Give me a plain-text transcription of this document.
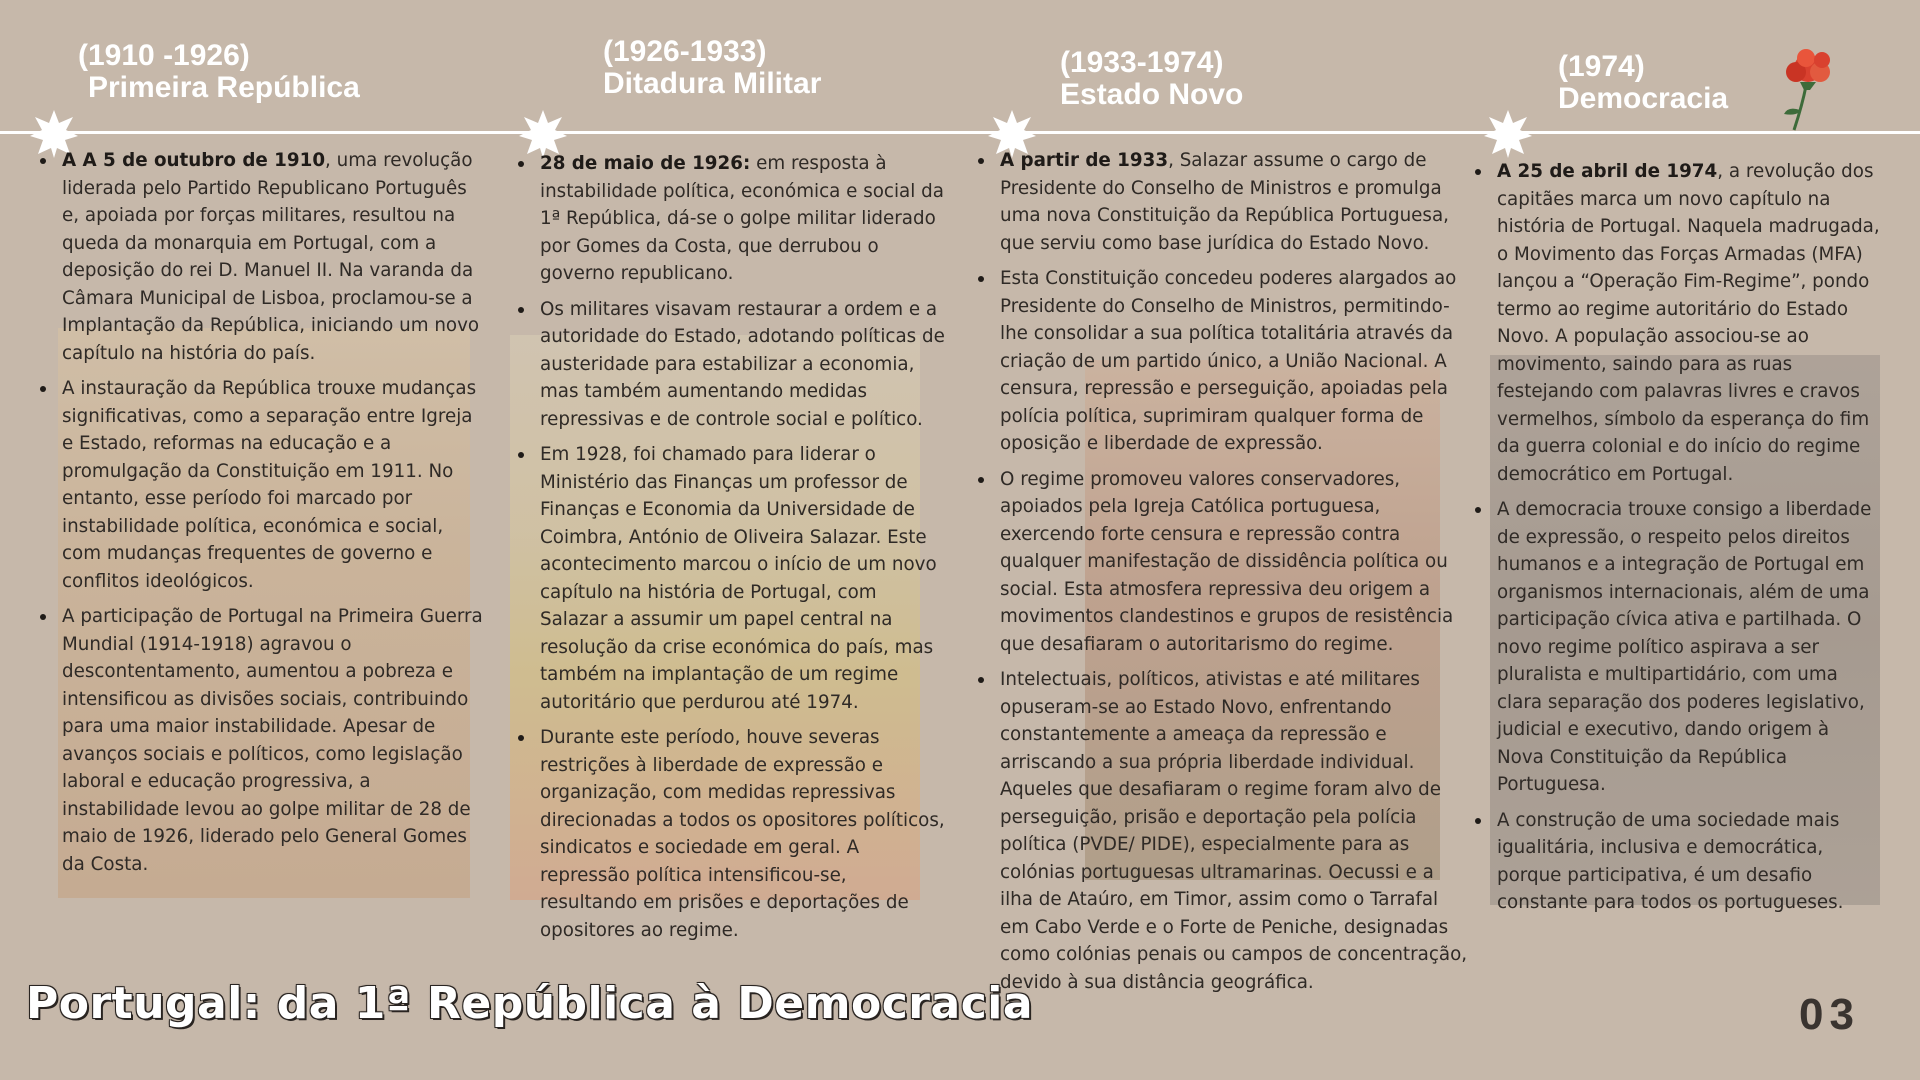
(1910 -1926)
Primeira República
(1926-1933)
Ditadura Militar
(1933-1974)
Estado Novo
(1974)
Democracia
A A 5 de outubro de 1910, uma revolução liderada pelo Partido Republicano Português e, apoiada por forças militares, resultou na queda da monarquia em Portugal, com a deposição do rei D. Manuel II. Na varanda da Câmara Municipal de Lisboa, proclamou-se a Implantação da República, iniciando um novo capítulo na história do país.
A instauração da República trouxe mudanças significativas, como a separação entre Igreja e Estado, reformas na educação e a promulgação da Constituição em 1911. No entanto, esse período foi marcado por instabilidade política, económica e social, com mudanças frequentes de governo e conflitos ideológicos.
A participação de Portugal na Primeira Guerra Mundial (1914-1918) agravou o descontentamento, aumentou a pobreza e intensificou as divisões sociais, contribuindo para uma maior instabilidade. Apesar de avanços sociais e políticos, como legislação laboral e educação progressiva, a instabilidade levou ao golpe militar de 28 de maio de 1926, liderado pelo General Gomes da Costa.
28 de maio de 1926: em resposta à instabilidade política, económica e social da 1ª República, dá-se o golpe militar liderado por Gomes da Costa, que derrubou o governo republicano.
Os militares visavam restaurar a ordem e a autoridade do Estado, adotando políticas de austeridade para estabilizar a economia, mas também aumentando medidas repressivas e de controle social e político.
Em 1928, foi chamado para liderar o Ministério das Finanças um professor de Finanças e Economia da Universidade de Coimbra, António de Oliveira Salazar. Este acontecimento marcou o início de um novo capítulo na história de Portugal, com Salazar a assumir um papel central na resolução da crise económica do país, mas também na implantação de um regime autoritário que perdurou até 1974.
Durante este período, houve severas restrições à liberdade de expressão e organização, com medidas repressivas direcionadas a todos os opositores políticos, sindicatos e sociedade em geral. A repressão política intensificou-se, resultando em prisões e deportações de opositores ao regime.
A partir de 1933, Salazar assume o cargo de Presidente do Conselho de Ministros e promulga uma nova Constituição da República Portuguesa, que serviu como base jurídica do Estado Novo.
Esta Constituição concedeu poderes alargados ao Presidente do Conselho de Ministros, permitindo-lhe consolidar a sua política totalitária através da criação de um partido único, a União Nacional. A censura, repressão e perseguição, apoiadas pela polícia política, suprimiram qualquer forma de oposição e liberdade de expressão.
O regime promoveu valores conservadores, apoiados pela Igreja Católica portuguesa, exercendo forte censura e repressão contra qualquer manifestação de dissidência política ou social. Esta atmosfera repressiva deu origem a movimentos clandestinos e grupos de resistência que desafiaram o autoritarismo do regime.
Intelectuais, políticos, ativistas e até militares opuseram-se ao Estado Novo, enfrentando constantemente a ameaça da repressão e arriscando a sua própria liberdade individual. Aqueles que desafiaram o regime foram alvo de perseguição, prisão e deportação pela polícia política (PVDE/ PIDE), especialmente para as colónias portuguesas ultramarinas. Oecussi e a ilha de Ataúro, em Timor, assim como o Tarrafal em Cabo Verde e o Forte de Peniche, designadas como colónias penais ou campos de concentração, devido à sua distância geográfica.
A 25 de abril de 1974, a revolução dos capitães marca um novo capítulo na história de Portugal. Naquela madrugada, o Movimento das Forças Armadas (MFA) lançou a “Operação Fim-Regime”, pondo termo ao regime autoritário do Estado Novo. A população associou-se ao movimento, saindo para as ruas festejando com palavras livres e cravos vermelhos, símbolo da esperança do fim da guerra colonial e do início do regime democrático em Portugal.
A democracia trouxe consigo a liberdade de expressão, o respeito pelos direitos humanos e a integração de Portugal em organismos internacionais, além de uma participação cívica ativa e partilhada. O novo regime político aspirava a ser pluralista e multipartidário, com uma clara separação dos poderes legislativo, judicial e executivo, dando origem à Nova Constituição da República Portuguesa.
A construção de uma sociedade mais igualitária, inclusiva e democrática, porque participativa, é um desafio constante para todos os portugueses.
Portugal: da 1ª República à Democracia	03
